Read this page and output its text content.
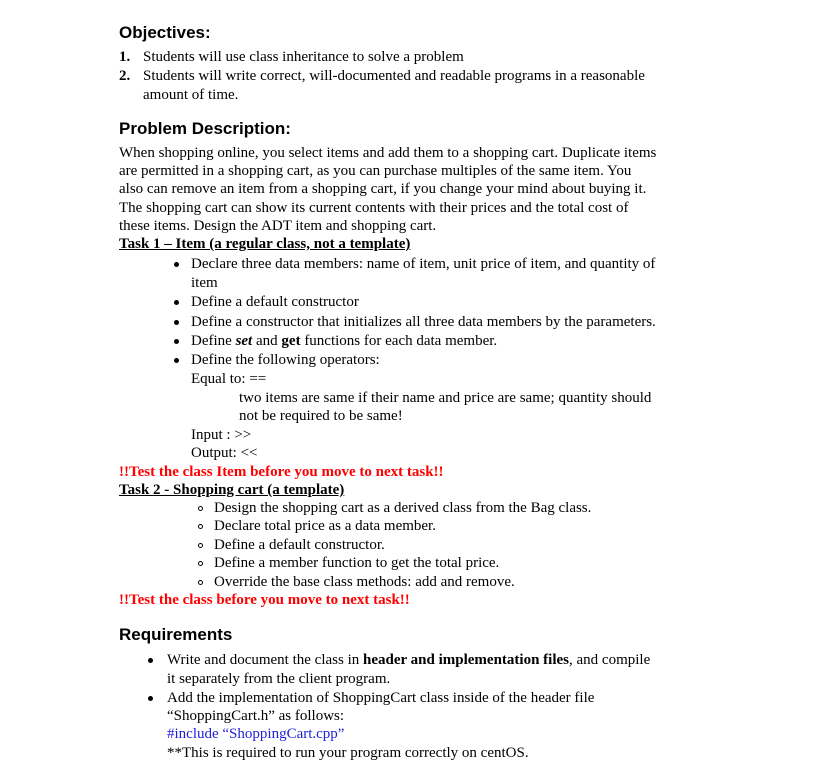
Objectives:
1. Students will use class inheritance to solve a problem
2. Students will write correct, will-documented and readable programs in a reasonable
amount of time.
Problem Description:
When shopping online, you select items and add them to a shopping cart. Duplicate items
are permitted in a shopping cart, as you can purchase multiples of the same item. You
also can remove an item from a shopping cart, if you change your mind about buying it.
The shopping cart can show its current contents with their prices and the total cost of
these items. Design the ADT item and shopping cart.
Task 1 – Item (a regular class, not a template)
Declare three data members: name of item, unit price of item, and quantity of
item
Define a default constructor
Define a constructor that initializes all three data members by the parameters.
Define set and get functions for each data member.
Define the following operators:
Equal to: ==
two items are same if their name and price are same; quantity should
not be required to be same!
Input : >>
Output: <<
!!Test the class Item before you move to next task!!
Task 2 - Shopping cart (a template)
Design the shopping cart as a derived class from the Bag class.
Declare total price as a data member.
Define a default constructor.
Define a member function to get the total price.
Override the base class methods: add and remove.
!!Test the class before you move to next task!!
Requirements
Write and document the class in header and implementation files, and compile
it separately from the client program.
Add the implementation of ShoppingCart class inside of the header file
“ShoppingCart.h” as follows:
#include “ShoppingCart.cpp”
**This is required to run your program correctly on centOS.
